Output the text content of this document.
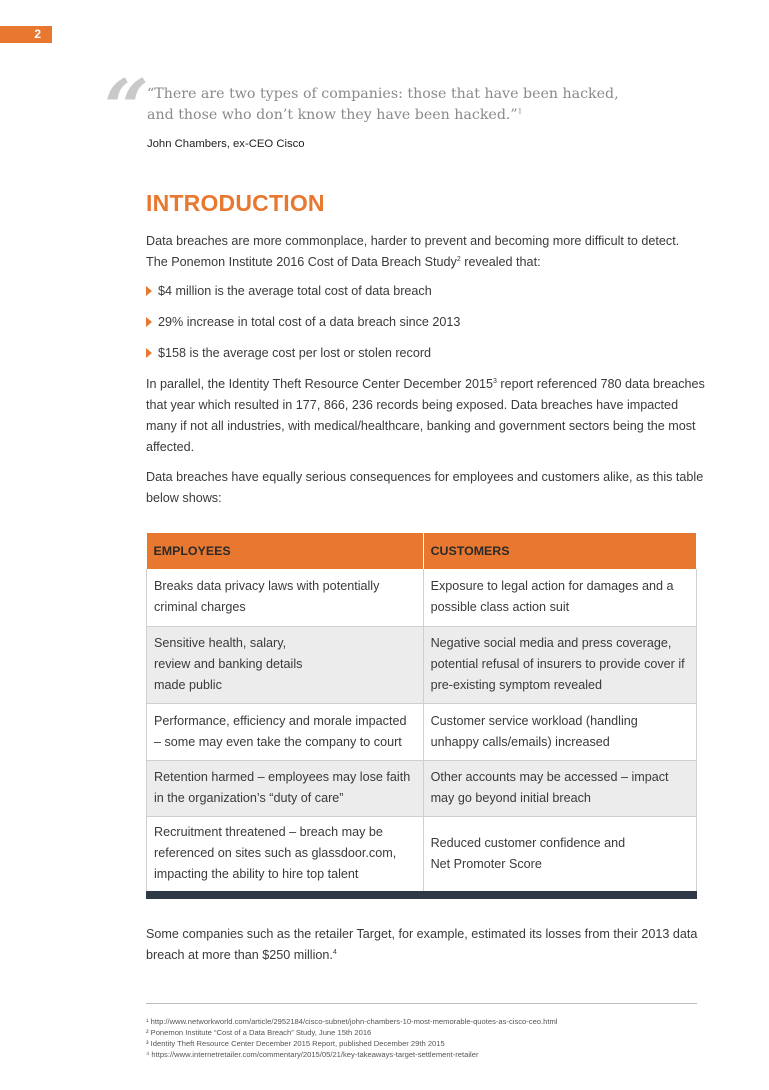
2
“
“There are two types of companies: those that have been hacked,
and those who don’t know they have been hacked.”$^1$
John Chambers, ex-CEO Cisco
INTRODUCTION
Data breaches are more commonplace, harder to prevent and becoming more difficult to detect.
The Ponemon Institute 2016 Cost of Data Breach Study$^2$ revealed that:
$4 million is the average total cost of data breach
29% increase in total cost of a data breach since 2013
$158 is the average cost per lost or stolen record
In parallel, the Identity Theft Resource Center December 2015$^3$ report referenced 780 data breaches that year which resulted in 177, 866, 236 records being exposed. Data breaches have impacted many if not all industries, with medical/healthcare, banking and government sectors being the most affected.
Data breaches have equally serious consequences for employees and customers alike, as this table below shows:
EMPLOYEES	CUSTOMERS
Breaks data privacy laws with potentially criminal charges	Exposure to legal action for damages and a possible class action suit
Sensitive health, salary, review and banking details made public	Negative social media and press coverage, potential refusal of insurers to provide cover if pre-existing symptom revealed
Performance, efficiency and morale impacted – some may even take the company to court	Customer service workload (handling unhappy calls/emails) increased
Retention harmed – employees may lose faith in the organization’s “duty of care”	Other accounts may be accessed – impact may go beyond initial breach
Recruitment threatened – breach may be referenced on sites such as glassdoor.com, impacting the ability to hire top talent	Reduced customer confidence and Net Promoter Score
Some companies such as the retailer Target, for example, estimated its losses from their 2013 data breach at more than $250 million.$^4$
¹ http://www.networkworld.com/article/2952184/cisco-subnet/john-chambers-10-most-memorable-quotes-as-cisco-ceo.html
² Ponemon Institute “Cost of a Data Breach” Study, June 15th 2016
³ Identity Theft Resource Center December 2015 Report, published December 29th 2015
⁴ https://www.internetretailer.com/commentary/2015/05/21/key-takeaways-target-settlement-retailer
